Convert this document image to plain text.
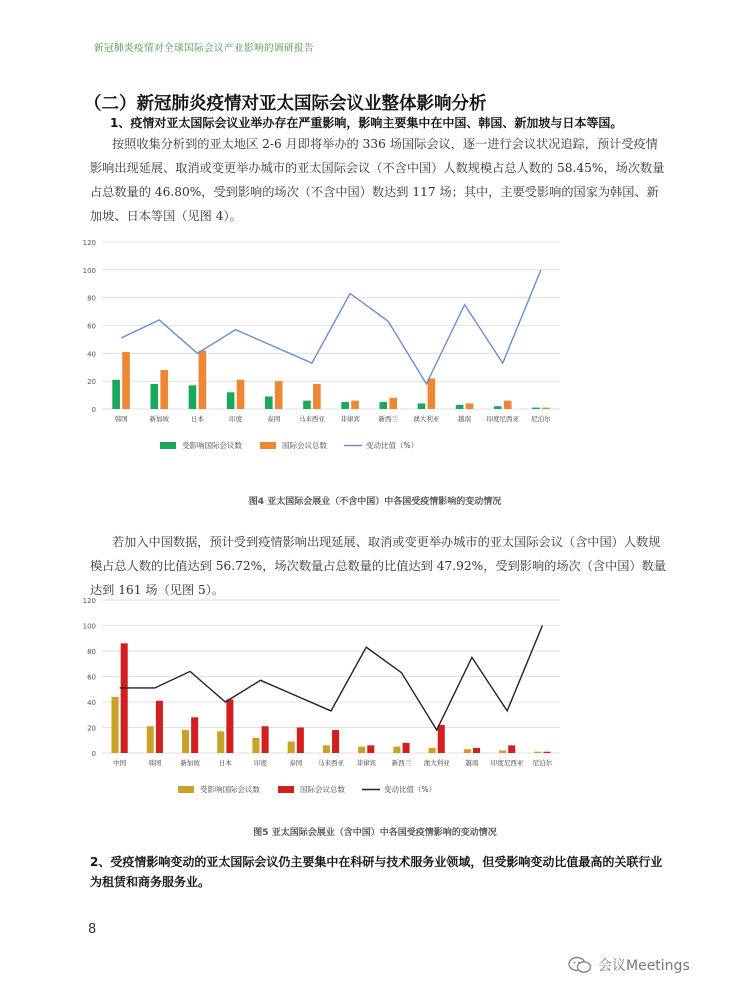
新冠肺炎疫情对全球国际会议产业影响的调研报告
（二）新冠肺炎疫情对亚太国际会议业整体影响分析
1、疫情对亚太国际会议业举办存在严重影响，影响主要集中在中国、韩国、新加坡与日本等国。
按照收集分析到的亚太地区 2-6 月即将举办的 336 场国际会议，逐一进行会议状况追踪，预计受疫情影响出现延展、取消或变更举办城市的亚太国际会议（不含中国）人数规模占总人数的 58.45%，场次数量占总数量的 46.80%，受到影响的场次（不含中国）数达到 117 场；其中，主要受影响的国家为韩国、新加坡、日本等国（见图 4）。
0
20
40
60
80
100
120
韩国	新加坡	日本	印度	泰国	马来西亚 菲律宾	新西兰 澳大利亚	越南 印度尼西亚 尼泊尔
受影响国际会议数	国际会议总数	变动比值（%）
图4 亚太国际会展业（不含中国）中各国受疫情影响的变动情况
若加入中国数据，预计受到疫情影响出现延展、取消或变更举办城市的亚太国际会议（含中国）人数规模占总人数的比值达到 56.72%，场次数量占总数量的比值达到 47.92%，受到影响的场次（含中国）数量达到 161 场（见图 5）。
0
20
40
60
80
100
120
中国	韩国	新加坡	日本	印度	泰国 马来西亚 菲律宾 新西兰 澳大利亚 越南 印度尼西亚 尼泊尔
受影响国际会议数	国际会议总数	变动比值（%）
图5 亚太国际会展业（含中国）中各国受疫情影响的变动情况
2、受疫情影响变动的亚太国际会议仍主要集中在科研与技术服务业领域，但受影响变动比值最高的关联行业为租赁和商务服务业。
8
会议Meetings
